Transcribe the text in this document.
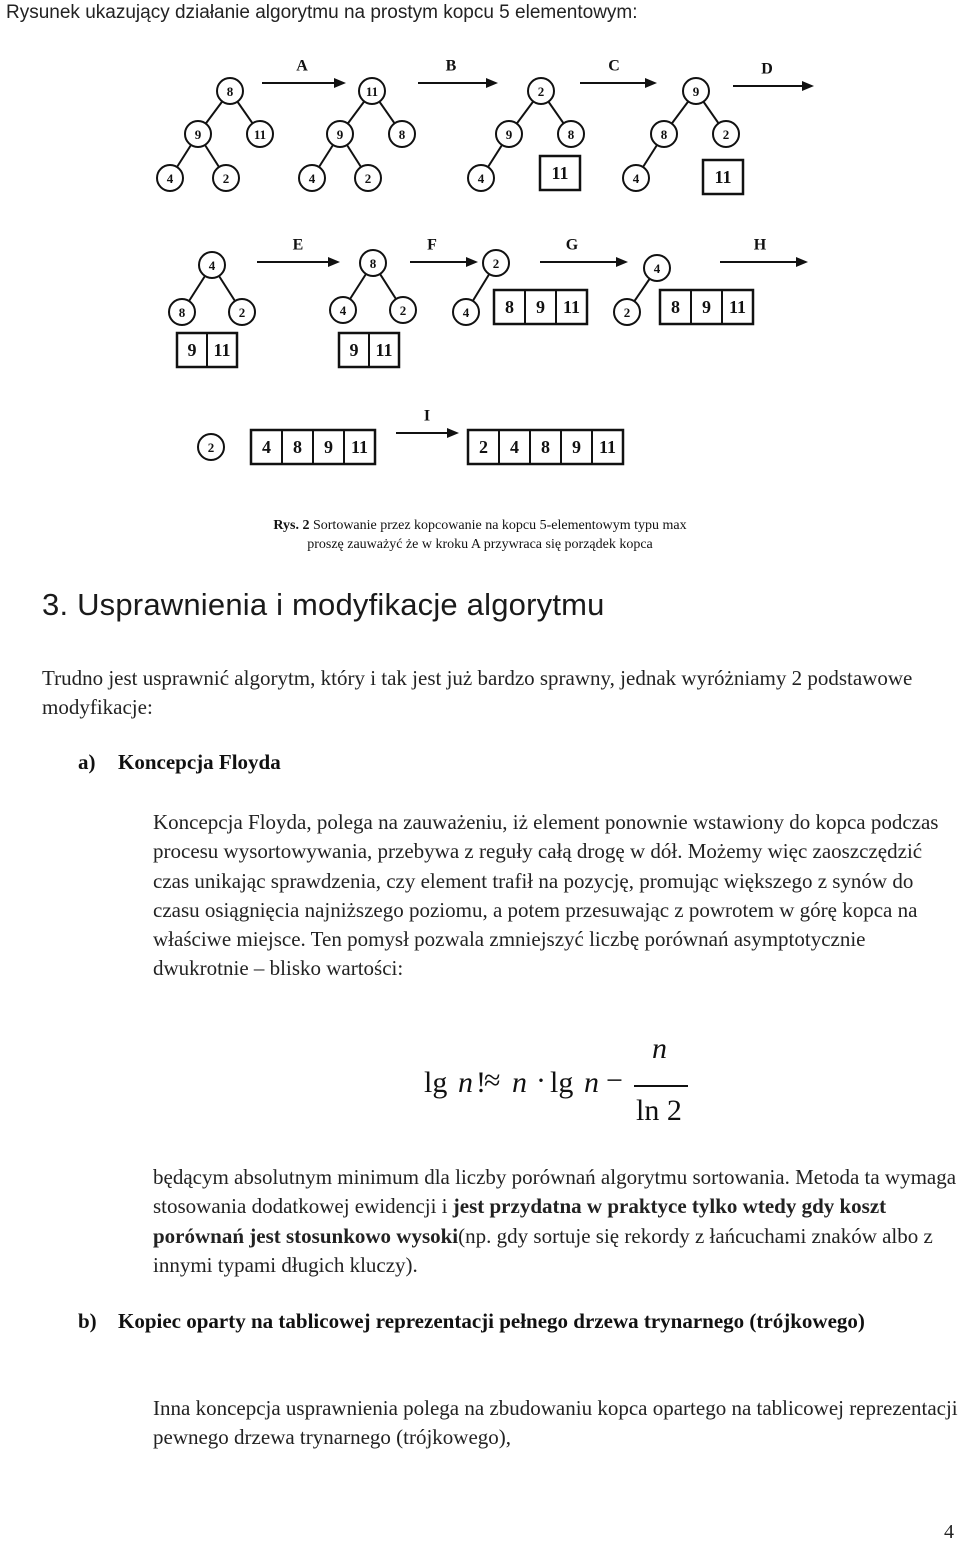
Rysunek ukazujący działanie algorytmu na prostym kopcu 5 elementowym:
8
9	11
4	2
11
9	8
4	2
2
9	8
4	11
9
8	2
4	11
A	B	C	D
4
8	2
9 11
8
4	2
9 11
2
4 8 9 11
4
2 8 9 11
E	F	G	H
2	4 8 9 11
I
2 4 8 9 11
Rys. 2 Sortowanie przez kopcowanie na kopcu 5-elementowym typu max
proszę zauważyć że w kroku A przywraca się porządek kopca
3. Usprawnienia i modyfikacje algorytmu
Trudno jest usprawnić algorytm, który i tak jest już bardzo sprawny, jednak wyróżniamy 2 podstawowe modyfikacje:
a) Koncepcja Floyda
Koncepcja Floyda, polega na zauważeniu, iż element ponownie wstawiony do kopca podczas procesu wysortowywania, przebywa z reguły całą drogę w dół. Możemy więc zaoszczędzić czas unikając sprawdzenia, czy element trafił na pozycję, promując większego z synów do czasu osiągnięcia najniższego poziomu, a potem przesuwając z powrotem w górę kopca na właściwe miejsce. Ten pomysł pozwala zmniejszyć liczbę porównań asymptotycznie dwukrotnie – blisko wartości:
lg n !
≈ n · lg n −
n
ln 2
będącym absolutnym minimum dla liczby porównań algorytmu sortowania. Metoda ta wymaga stosowania dodatkowej ewidencji i jest przydatna w praktyce tylko wtedy gdy koszt porównań jest stosunkowo wysoki(np. gdy sortuje się rekordy z łańcuchami znaków albo z innymi typami długich kluczy).
b) Kopiec oparty na tablicowej reprezentacji pełnego drzewa trynarnego (trójkowego)
Inna koncepcja usprawnienia polega na zbudowaniu kopca opartego na tablicowej reprezentacji pewnego drzewa trynarnego (trójkowego),
4
